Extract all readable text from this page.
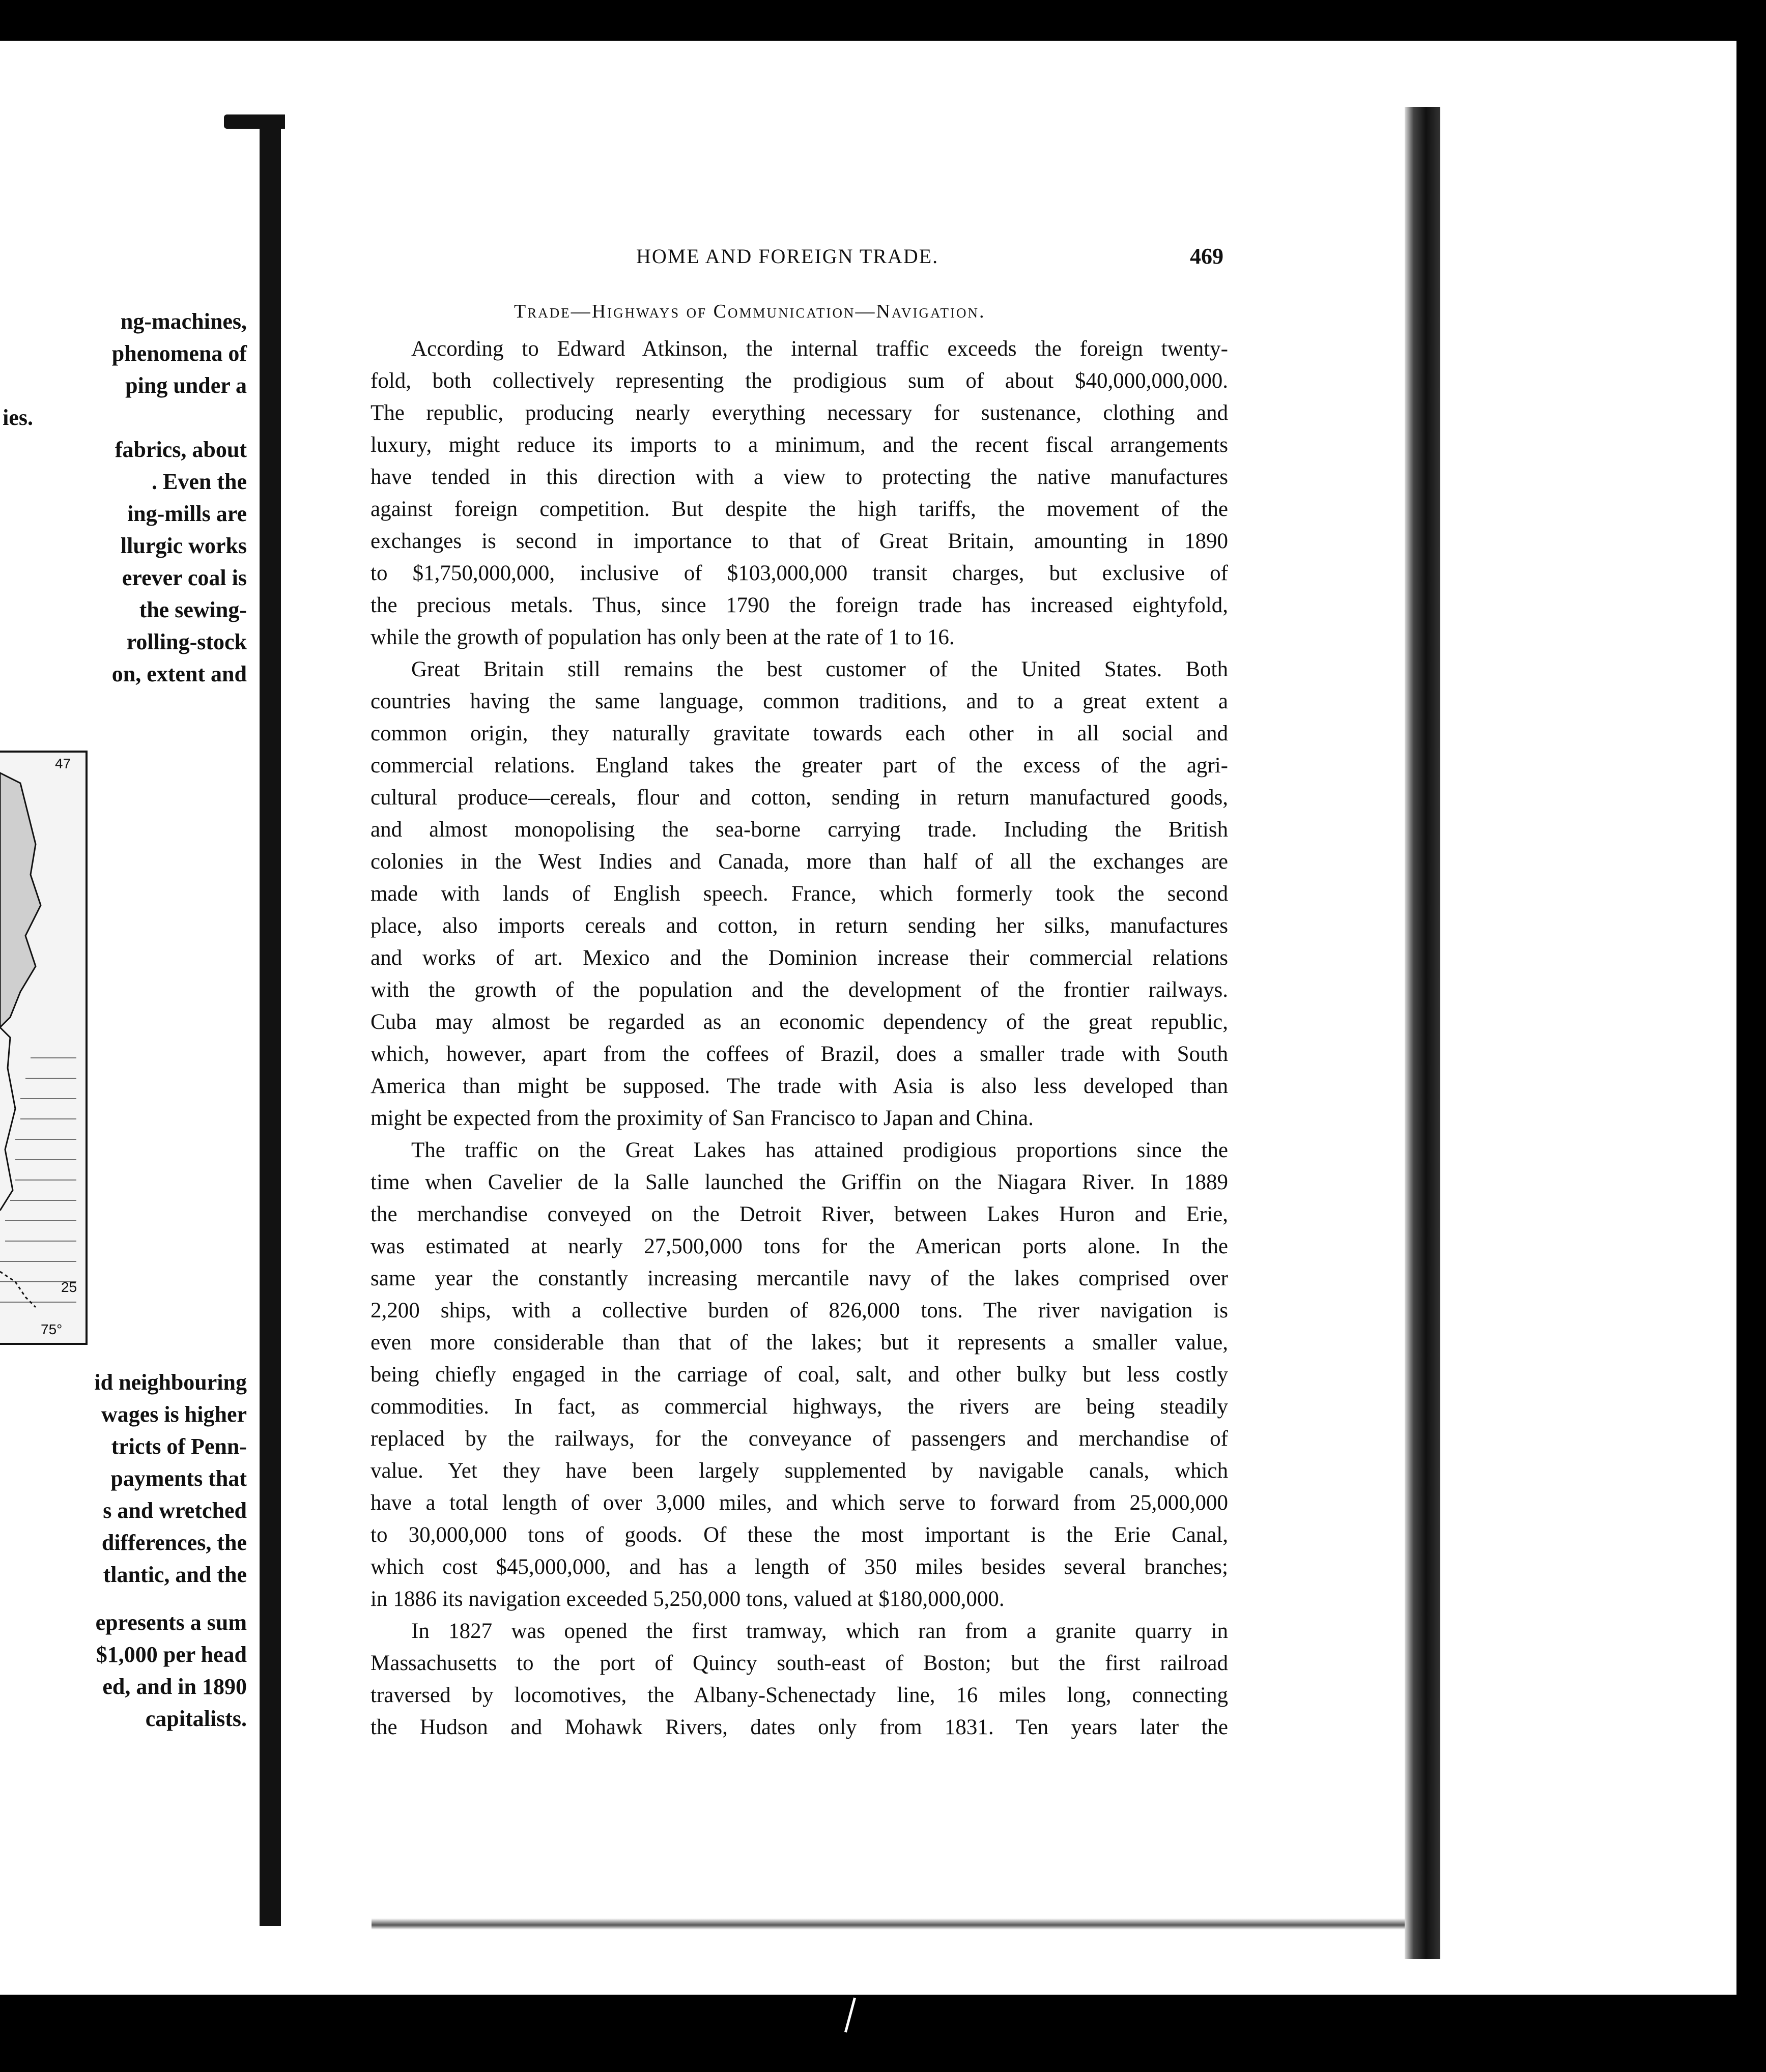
ng-machines,
phenomena of
ping under a
ies.
fabrics, about
. Even the
ing-mills are
llurgic works
erever coal is
the sewing-
rolling-stock
on, extent and
47
25
75°
id neighbouring
wages is higher
tricts of Penn-
payments that
s and wretched
differences, the
tlantic, and the
epresents a sum
$1,000 per head
ed, and in 1890
capitalists.
HOME AND FOREIGN TRADE.	469
Trade—Highways of Communication—Navigation.
According to Edward Atkinson, the internal traffic exceeds the foreign twenty-
fold, both collectively representing the prodigious sum of about $40,000,000,000.
The republic, producing nearly everything necessary for sustenance, clothing and
luxury, might reduce its imports to a minimum, and the recent fiscal arrangements
have tended in this direction with a view to protecting the native manufactures
against foreign competition. But despite the high tariffs, the movement of the
exchanges is second in importance to that of Great Britain, amounting in 1890
to $1,750,000,000, inclusive of $103,000,000 transit charges, but exclusive of
the precious metals. Thus, since 1790 the foreign trade has increased eightyfold,
while the growth of population has only been at the rate of 1 to 16.
Great Britain still remains the best customer of the United States. Both
countries having the same language, common traditions, and to a great extent a
common origin, they naturally gravitate towards each other in all social and
commercial relations. England takes the greater part of the excess of the agri-
cultural produce—cereals, flour and cotton, sending in return manufactured goods,
and almost monopolising the sea-borne carrying trade. Including the British
colonies in the West Indies and Canada, more than half of all the exchanges are
made with lands of English speech. France, which formerly took the second
place, also imports cereals and cotton, in return sending her silks, manufactures
and works of art. Mexico and the Dominion increase their commercial relations
with the growth of the population and the development of the frontier railways.
Cuba may almost be regarded as an economic dependency of the great republic,
which, however, apart from the coffees of Brazil, does a smaller trade with South
America than might be supposed. The trade with Asia is also less developed than
might be expected from the proximity of San Francisco to Japan and China.
The traffic on the Great Lakes has attained prodigious proportions since the
time when Cavelier de la Salle launched the Griffin on the Niagara River. In 1889
the merchandise conveyed on the Detroit River, between Lakes Huron and Erie,
was estimated at nearly 27,500,000 tons for the American ports alone. In the
same year the constantly increasing mercantile navy of the lakes comprised over
2,200 ships, with a collective burden of 826,000 tons. The river navigation is
even more considerable than that of the lakes; but it represents a smaller value,
being chiefly engaged in the carriage of coal, salt, and other bulky but less costly
commodities. In fact, as commercial highways, the rivers are being steadily
replaced by the railways, for the conveyance of passengers and merchandise of
value. Yet they have been largely supplemented by navigable canals, which
have a total length of over 3,000 miles, and which serve to forward from 25,000,000
to 30,000,000 tons of goods. Of these the most important is the Erie Canal,
which cost $45,000,000, and has a length of 350 miles besides several branches;
in 1886 its navigation exceeded 5,250,000 tons, valued at $180,000,000.
In 1827 was opened the first tramway, which ran from a granite quarry in
Massachusetts to the port of Quincy south-east of Boston; but the first railroad
traversed by locomotives, the Albany-Schenectady line, 16 miles long, connecting
the Hudson and Mohawk Rivers, dates only from 1831. Ten years later the
